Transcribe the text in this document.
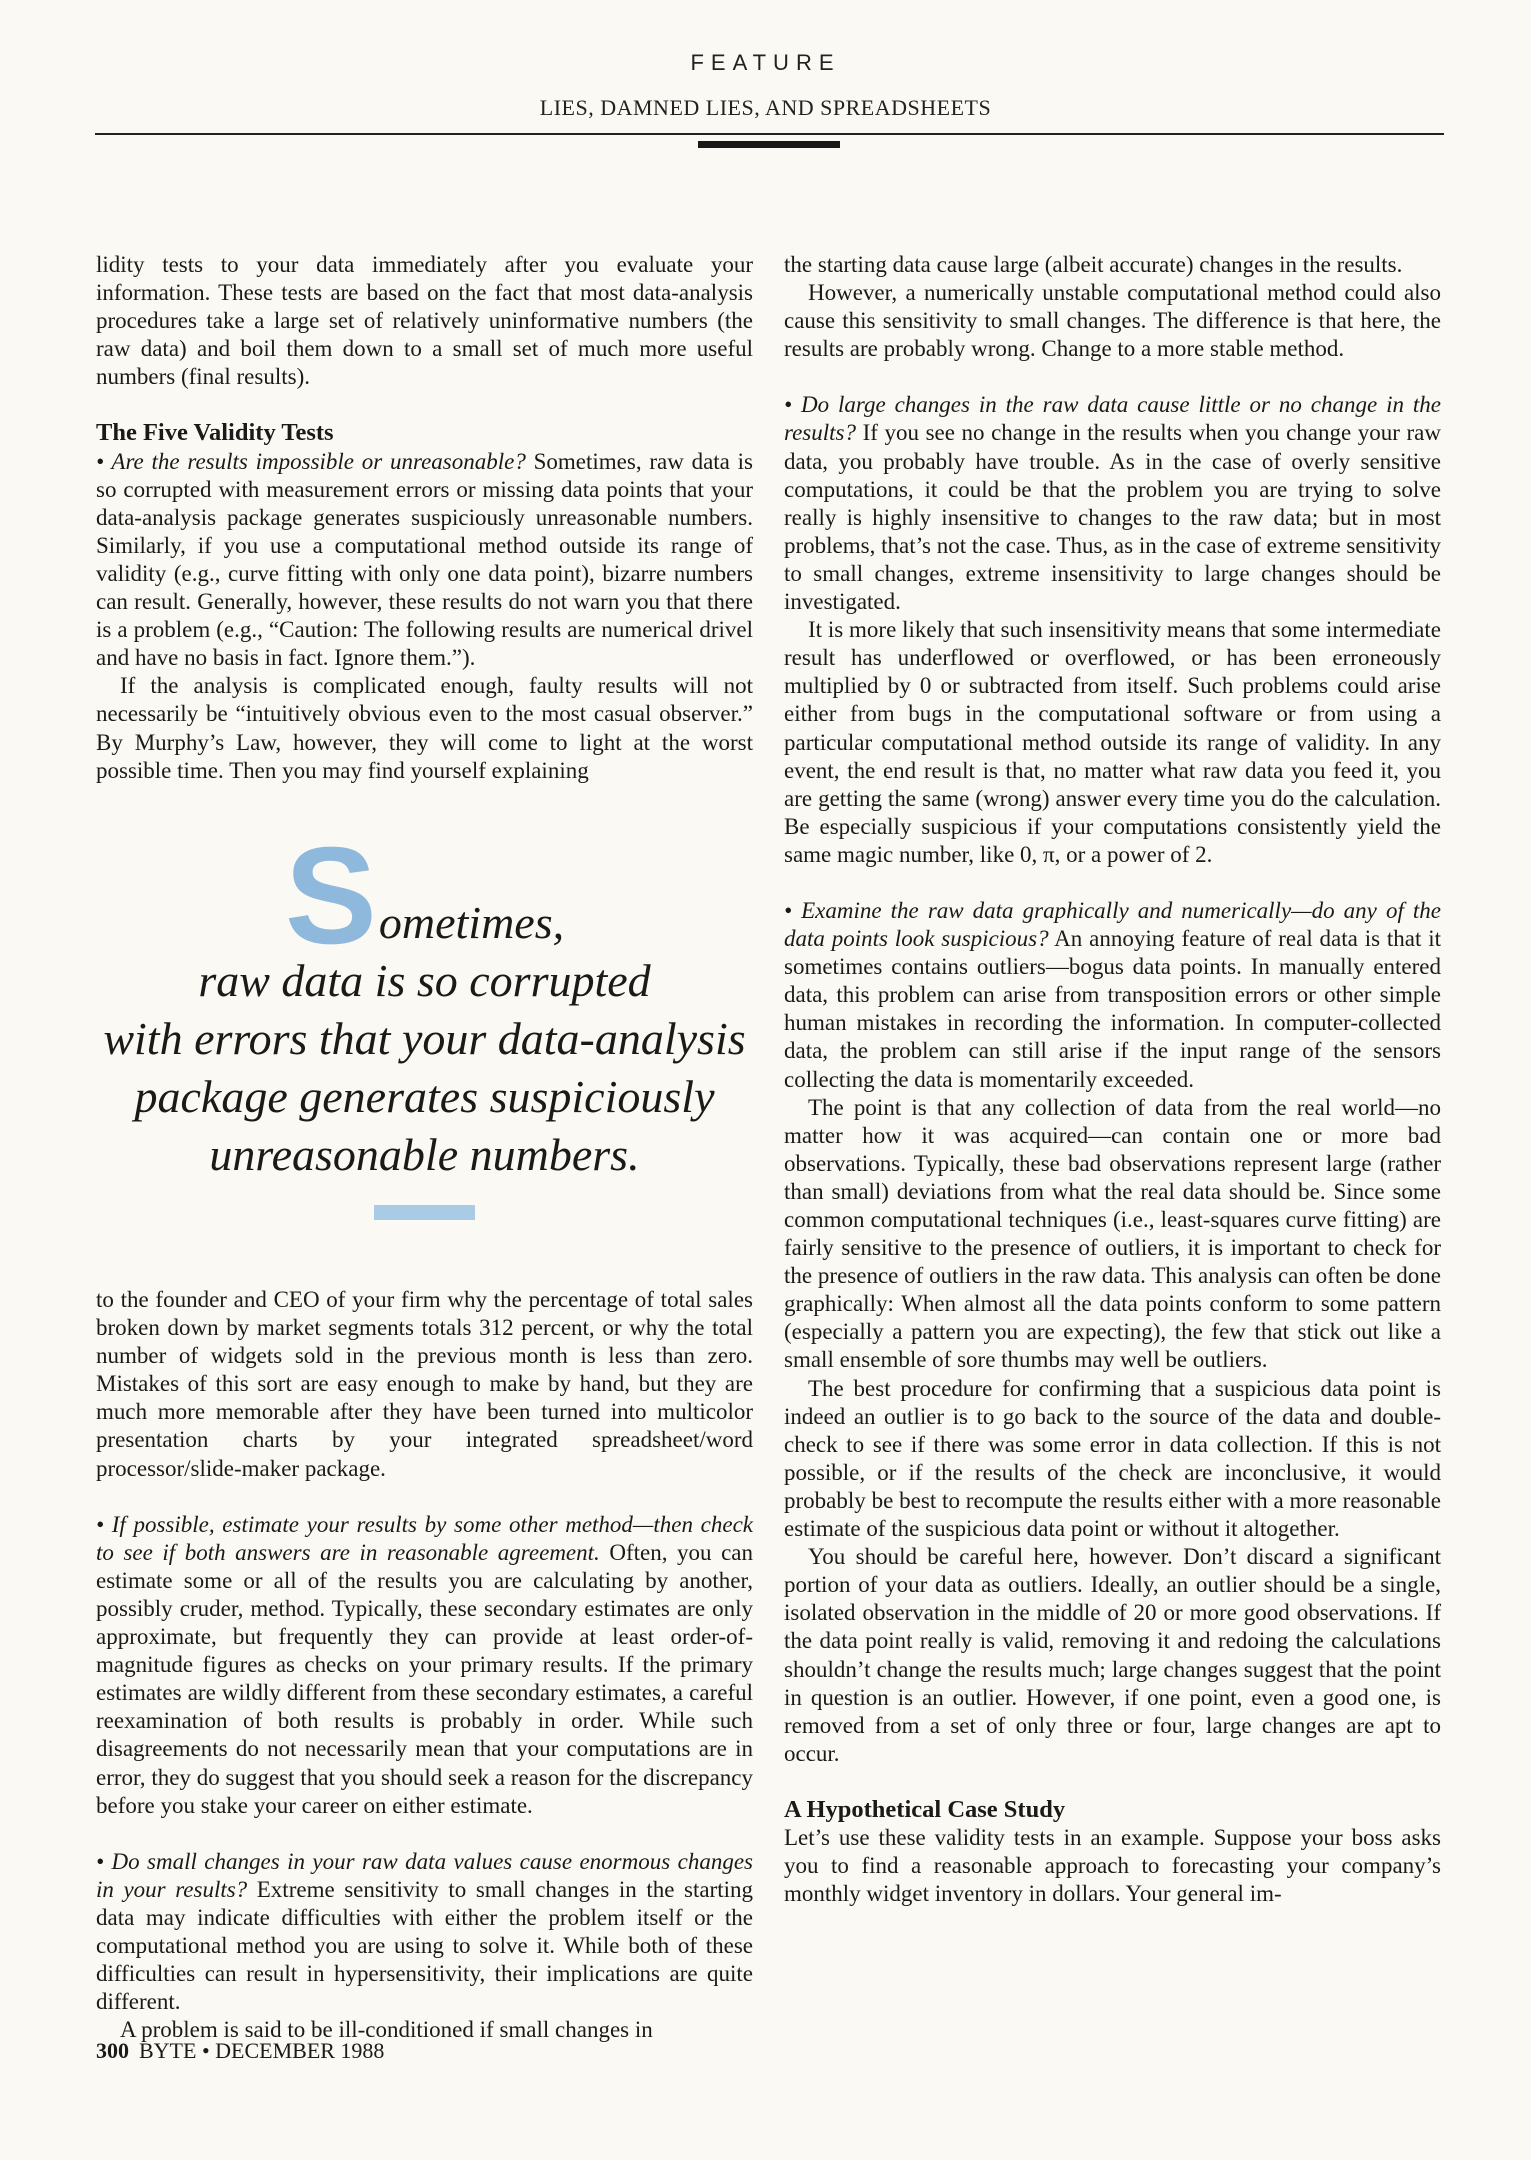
FEATURE
LIES, DAMNED LIES, AND SPREADSHEETS

lidity tests to your data immediately after you evaluate your information. These tests are based on the fact that most data-analysis procedures take a large set of relatively uninformative numbers (the raw data) and boil them down to a small set of much more useful numbers (final results).

The Five Validity Tests

• Are the results impossible or unreasonable? Sometimes, raw data is so corrupted with measurement errors or missing data points that your data-analysis package generates suspiciously unreasonable numbers. Similarly, if you use a computational method outside its range of validity (e.g., curve fitting with only one data point), bizarre numbers can result. Generally, however, these results do not warn you that there is a problem (e.g., “Caution: The following results are numerical drivel and have no basis in fact. Ignore them.”).

If the analysis is complicated enough, faulty results will not necessarily be “intuitively obvious even to the most casual observer.” By Murphy’s Law, however, they will come to light at the worst possible time. Then you may find yourself explaining

S ometimes,
raw data is so corrupted
with errors that your data-analysis
package generates suspiciously
unreasonable numbers.

to the founder and CEO of your firm why the percentage of total sales broken down by market segments totals 312 percent, or why the total number of widgets sold in the previous month is less than zero. Mistakes of this sort are easy enough to make by hand, but they are much more memorable after they have been turned into multicolor presentation charts by your integrated spreadsheet/word processor/slide-maker package.

• If possible, estimate your results by some other method—then check to see if both answers are in reasonable agreement. Often, you can estimate some or all of the results you are calculating by another, possibly cruder, method. Typically, these secondary estimates are only approximate, but frequently they can provide at least order-of-magnitude figures as checks on your primary results. If the primary estimates are wildly different from these secondary estimates, a careful reexamination of both results is probably in order. While such disagreements do not necessarily mean that your computations are in error, they do suggest that you should seek a reason for the discrepancy before you stake your career on either estimate.

• Do small changes in your raw data values cause enormous changes in your results? Extreme sensitivity to small changes in the starting data may indicate difficulties with either the problem itself or the computational method you are using to solve it. While both of these difficulties can result in hypersensitivity, their implications are quite different.

A problem is said to be ill-conditioned if small changes in

the starting data cause large (albeit accurate) changes in the results.

However, a numerically unstable computational method could also cause this sensitivity to small changes. The difference is that here, the results are probably wrong. Change to a more stable method.

• Do large changes in the raw data cause little or no change in the results? If you see no change in the results when you change your raw data, you probably have trouble. As in the case of overly sensitive computations, it could be that the problem you are trying to solve really is highly insensitive to changes to the raw data; but in most problems, that’s not the case. Thus, as in the case of extreme sensitivity to small changes, extreme insensitivity to large changes should be investigated.

It is more likely that such insensitivity means that some intermediate result has underflowed or overflowed, or has been erroneously multiplied by 0 or subtracted from itself. Such problems could arise either from bugs in the computational software or from using a particular computational method outside its range of validity. In any event, the end result is that, no matter what raw data you feed it, you are getting the same (wrong) answer every time you do the calculation. Be especially suspicious if your computations consistently yield the same magic number, like 0, π, or a power of 2.

• Examine the raw data graphically and numerically—do any of the data points look suspicious? An annoying feature of real data is that it sometimes contains outliers—bogus data points. In manually entered data, this problem can arise from transposition errors or other simple human mistakes in recording the information. In computer-collected data, the problem can still arise if the input range of the sensors collecting the data is momentarily exceeded.

The point is that any collection of data from the real world—no matter how it was acquired—can contain one or more bad observations. Typically, these bad observations represent large (rather than small) deviations from what the real data should be. Since some common computational techniques (i.e., least-squares curve fitting) are fairly sensitive to the presence of outliers, it is important to check for the presence of outliers in the raw data. This analysis can often be done graphically: When almost all the data points conform to some pattern (especially a pattern you are expecting), the few that stick out like a small ensemble of sore thumbs may well be outliers.

The best procedure for confirming that a suspicious data point is indeed an outlier is to go back to the source of the data and double-check to see if there was some error in data collection. If this is not possible, or if the results of the check are inconclusive, it would probably be best to recompute the results either with a more reasonable estimate of the suspicious data point or without it altogether.

You should be careful here, however. Don’t discard a significant portion of your data as outliers. Ideally, an outlier should be a single, isolated observation in the middle of 20 or more good observations. If the data point really is valid, removing it and redoing the calculations shouldn’t change the results much; large changes suggest that the point in question is an outlier. However, if one point, even a good one, is removed from a set of only three or four, large changes are apt to occur.

A Hypothetical Case Study

Let’s use these validity tests in an example. Suppose your boss asks you to find a reasonable approach to forecasting your company’s monthly widget inventory in dollars. Your general im-

300 BYTE • DECEMBER 1988
